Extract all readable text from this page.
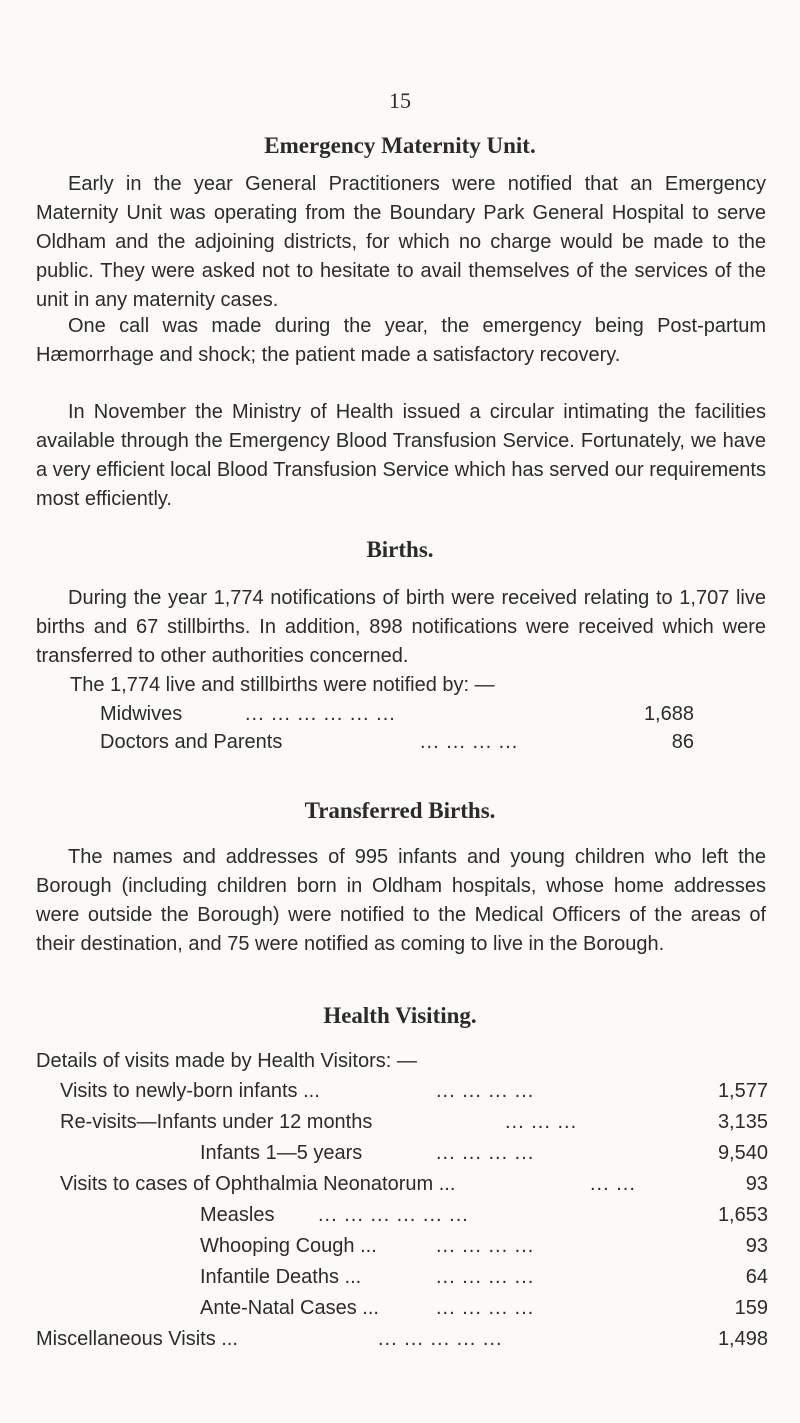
15
Emergency Maternity Unit.

Early in the year General Practitioners were notified that an Emergency Maternity Unit was operating from the Boundary Park General Hospital to serve Oldham and the adjoining districts, for which no charge would be made to the public. They were asked not to hesitate to avail themselves of the services of the unit in any maternity cases.

One call was made during the year, the emergency being Post-partum Hæmorrhage and shock; the patient made a satisfactory recovery.

In November the Ministry of Health issued a circular intimating the facilities available through the Emergency Blood Transfusion Service. Fortunately, we have a very efficient local Blood Transfusion Service which has served our requirements most efficiently.

Births.

During the year 1,774 notifications of birth were received relating to 1,707 live births and 67 stillbirths. In addition, 898 notifications were received which were transferred to other authorities concerned.

The 1,774 live and stillbirths were notified by: —
Midwives	... ... ... ... ... ...	1,688
Doctors and Parents	... ... ... ...	86
Transferred Births.

The names and addresses of 995 infants and young children who left the Borough (including children born in Oldham hospitals, whose home addresses were outside the Borough) were notified to the Medical Officers of the areas of their destination, and 75 were notified as coming to live in the Borough.

Health Visiting.
Details of visits made by Health Visitors: —
Visits to newly-born infants ...	... ... ... ...	1,577
Re-visits—Infants under 12 months	... ... ...	3,135
Infants 1—5 years	... ... ... ...	9,540
Visits to cases of Ophthalmia Neonatorum ...	... ...	93
Measles ... ... ... ... ... ...	1,653
Whooping Cough ...	... ... ... ...	93
Infantile Deaths ...	... ... ... ...	64
Ante-Natal Cases ...	... ... ... ...	159
Miscellaneous Visits ...	... ... ... ... ...	1,498
